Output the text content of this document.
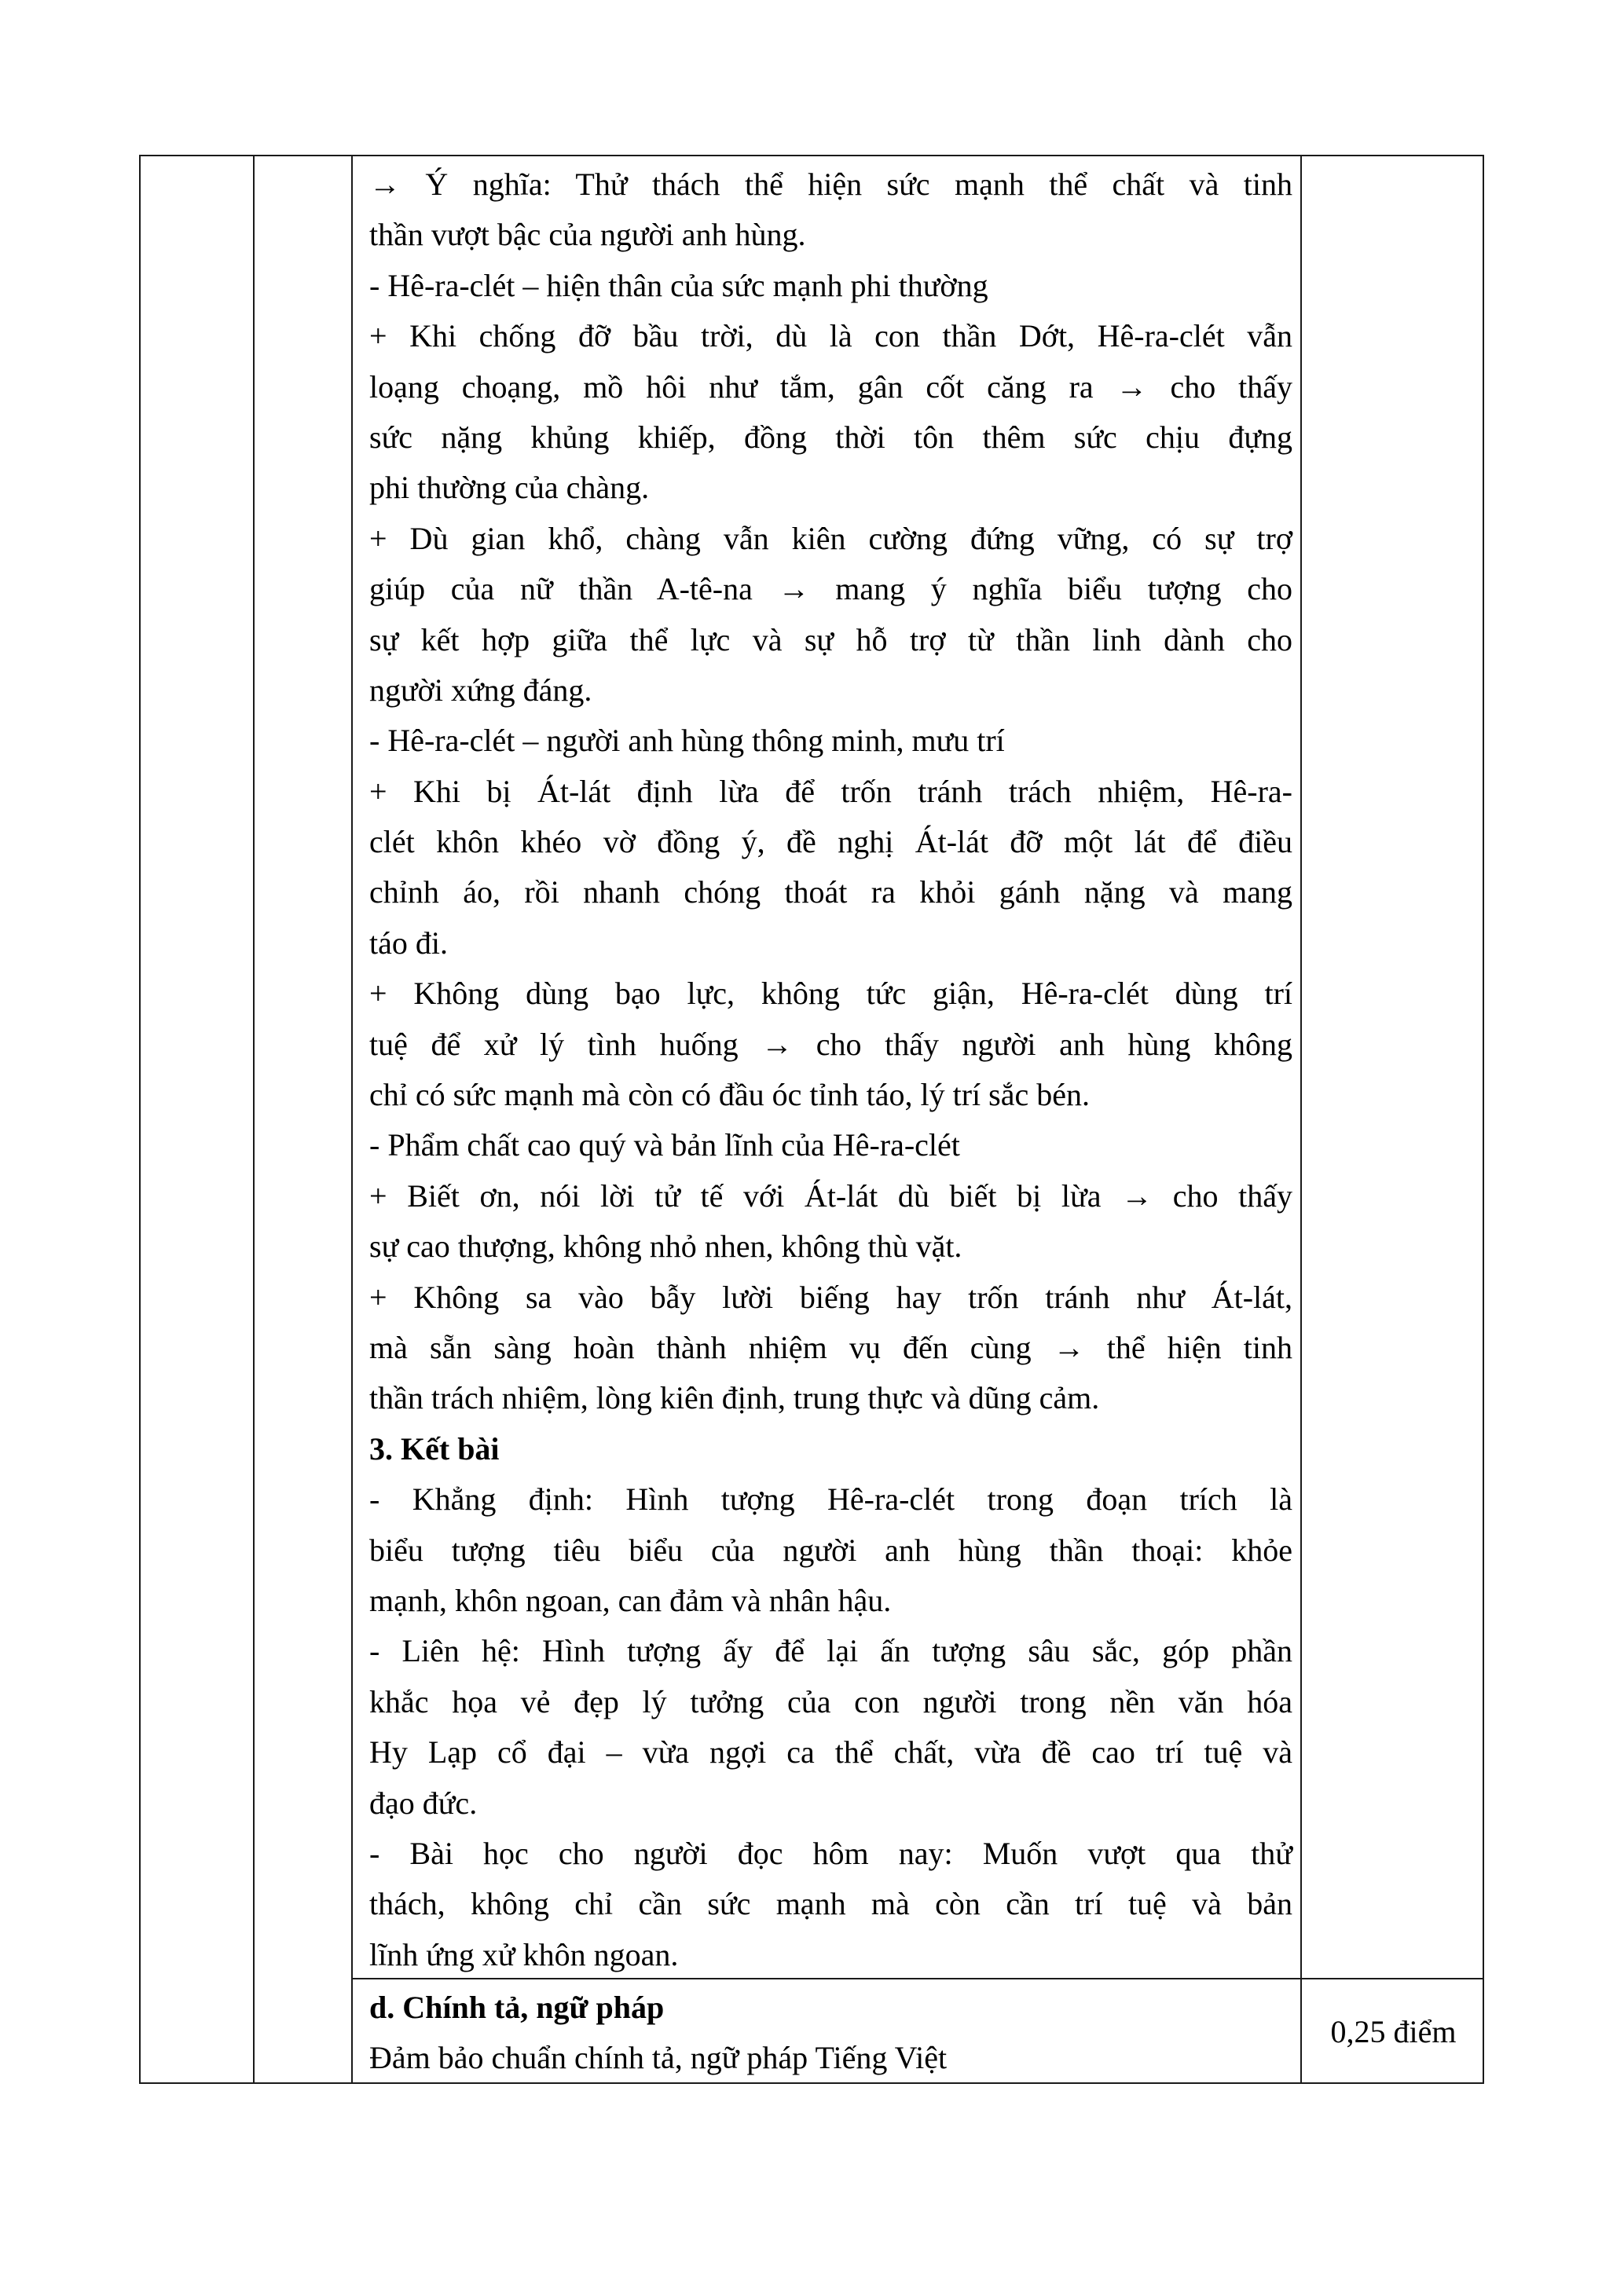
→ Ý nghĩa: Thử thách thể hiện sức mạnh thể chất và tinh
thần vượt bậc của người anh hùng.
- Hê-ra-clét – hiện thân của sức mạnh phi thường
+ Khi chống đỡ bầu trời, dù là con thần Dớt, Hê-ra-clét vẫn
loạng choạng, mồ hôi như tắm, gân cốt căng ra → cho thấy
sức nặng khủng khiếp, đồng thời tôn thêm sức chịu đựng
phi thường của chàng.
+ Dù gian khổ, chàng vẫn kiên cường đứng vững, có sự trợ
giúp của nữ thần A-tê-na → mang ý nghĩa biểu tượng cho
sự kết hợp giữa thể lực và sự hỗ trợ từ thần linh dành cho
người xứng đáng.
- Hê-ra-clét – người anh hùng thông minh, mưu trí
+ Khi bị Át-lát định lừa để trốn tránh trách nhiệm, Hê-ra-
clét khôn khéo vờ đồng ý, đề nghị Át-lát đỡ một lát để điều
chỉnh áo, rồi nhanh chóng thoát ra khỏi gánh nặng và mang
táo đi.
+ Không dùng bạo lực, không tức giận, Hê-ra-clét dùng trí
tuệ để xử lý tình huống → cho thấy người anh hùng không
chỉ có sức mạnh mà còn có đầu óc tỉnh táo, lý trí sắc bén.
- Phẩm chất cao quý và bản lĩnh của Hê-ra-clét
+ Biết ơn, nói lời tử tế với Át-lát dù biết bị lừa → cho thấy
sự cao thượng, không nhỏ nhen, không thù vặt.
+ Không sa vào bẫy lười biếng hay trốn tránh như Át-lát,
mà sẵn sàng hoàn thành nhiệm vụ đến cùng → thể hiện tinh
thần trách nhiệm, lòng kiên định, trung thực và dũng cảm.
3. Kết bài
- Khẳng định: Hình tượng Hê-ra-clét trong đoạn trích là
biểu tượng tiêu biểu của người anh hùng thần thoại: khỏe
mạnh, khôn ngoan, can đảm và nhân hậu.
- Liên hệ: Hình tượng ấy để lại ấn tượng sâu sắc, góp phần
khắc họa vẻ đẹp lý tưởng của con người trong nền văn hóa
Hy Lạp cổ đại – vừa ngợi ca thể chất, vừa đề cao trí tuệ và
đạo đức.
- Bài học cho người đọc hôm nay: Muốn vượt qua thử
thách, không chỉ cần sức mạnh mà còn cần trí tuệ và bản
lĩnh ứng xử khôn ngoan.
d. Chính tả, ngữ pháp
Đảm bảo chuẩn chính tả, ngữ pháp Tiếng Việt
0,25 điểm
